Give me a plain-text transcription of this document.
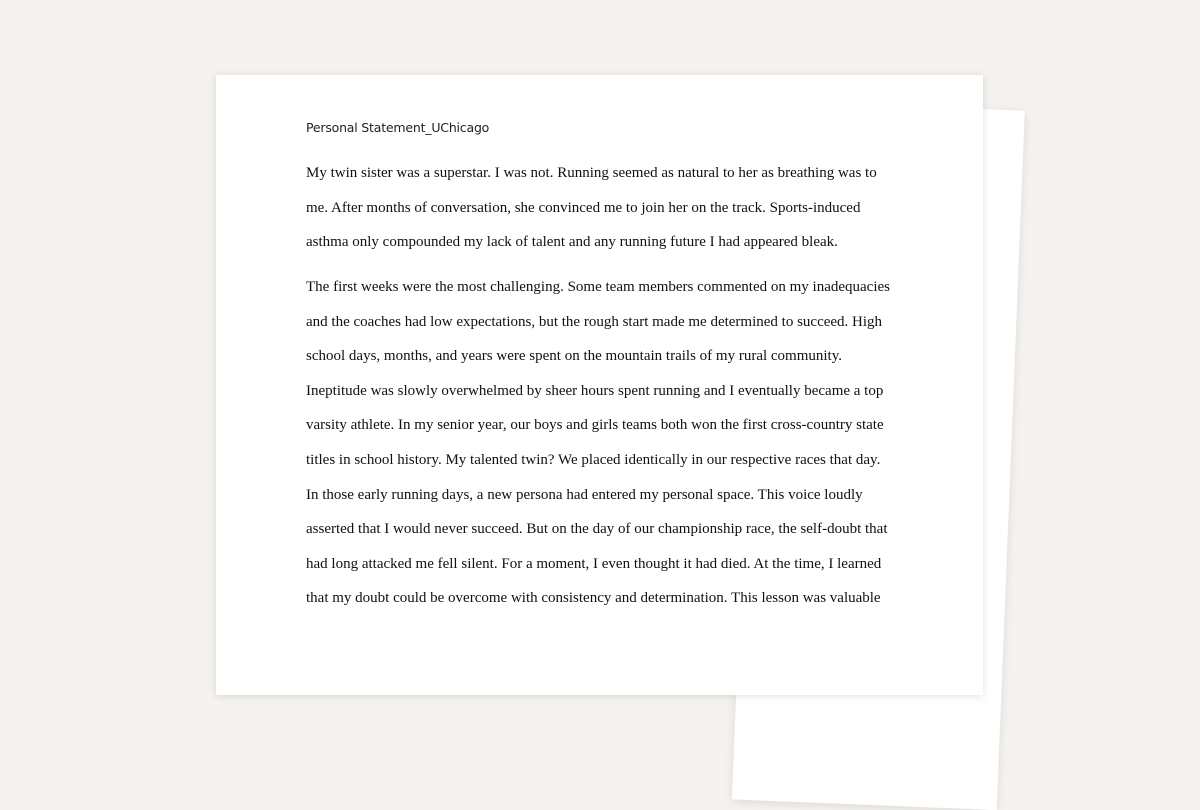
Personal Statement_UChicago
My twin sister was a superstar. I was not. Running seemed as natural to her as breathing was to
me. After months of conversation, she convinced me to join her on the track. Sports-induced
asthma only compounded my lack of talent and any running future I had appeared bleak.
The first weeks were the most challenging. Some team members commented on my inadequacies
and the coaches had low expectations, but the rough start made me determined to succeed. High
school days, months, and years were spent on the mountain trails of my rural community.
Ineptitude was slowly overwhelmed by sheer hours spent running and I eventually became a top
varsity athlete. In my senior year, our boys and girls teams both won the first cross-country state
titles in school history. My talented twin? We placed identically in our respective races that day.
In those early running days, a new persona had entered my personal space. This voice loudly
asserted that I would never succeed. But on the day of our championship race, the self-doubt that
had long attacked me fell silent. For a moment, I even thought it had died. At the time, I learned
that my doubt could be overcome with consistency and determination. This lesson was valuable
